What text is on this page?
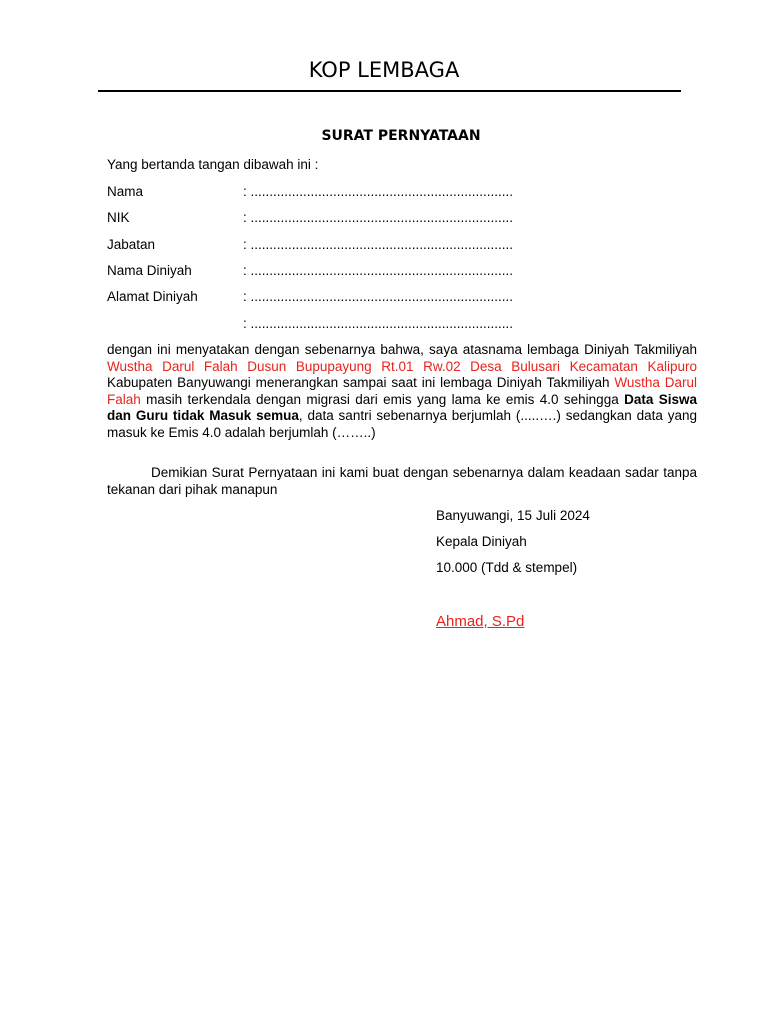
KOP LEMBAGA
SURAT PERNYATAAN
Yang bertanda tangan dibawah ini :
Nama	: ......................................................................
NIK	: ......................................................................
Jabatan	: ......................................................................
Nama Diniyah	: ......................................................................
Alamat Diniyah	: ......................................................................
: ......................................................................
dengan ini menyatakan dengan sebenarnya bahwa, saya atasnama lembaga Diniyah Takmiliyah Wustha Darul Falah Dusun Bupupayung Rt.01 Rw.02 Desa Bulusari Kecamatan Kalipuro Kabupaten Banyuwangi menerangkan sampai saat ini lembaga Diniyah Takmiliyah Wustha Darul Falah masih terkendala dengan migrasi dari emis yang lama ke emis 4.0 sehingga Data Siswa dan Guru tidak Masuk semua, data santri sebenarnya berjumlah (.....….) sedangkan data yang masuk ke Emis 4.0 adalah berjumlah (……..)
Demikian Surat Pernyataan ini kami buat dengan sebenarnya dalam keadaan sadar tanpa tekanan dari pihak manapun
Banyuwangi, 15 Juli 2024
Kepala Diniyah
10.000 (Tdd & stempel)
Ahmad, S.Pd
